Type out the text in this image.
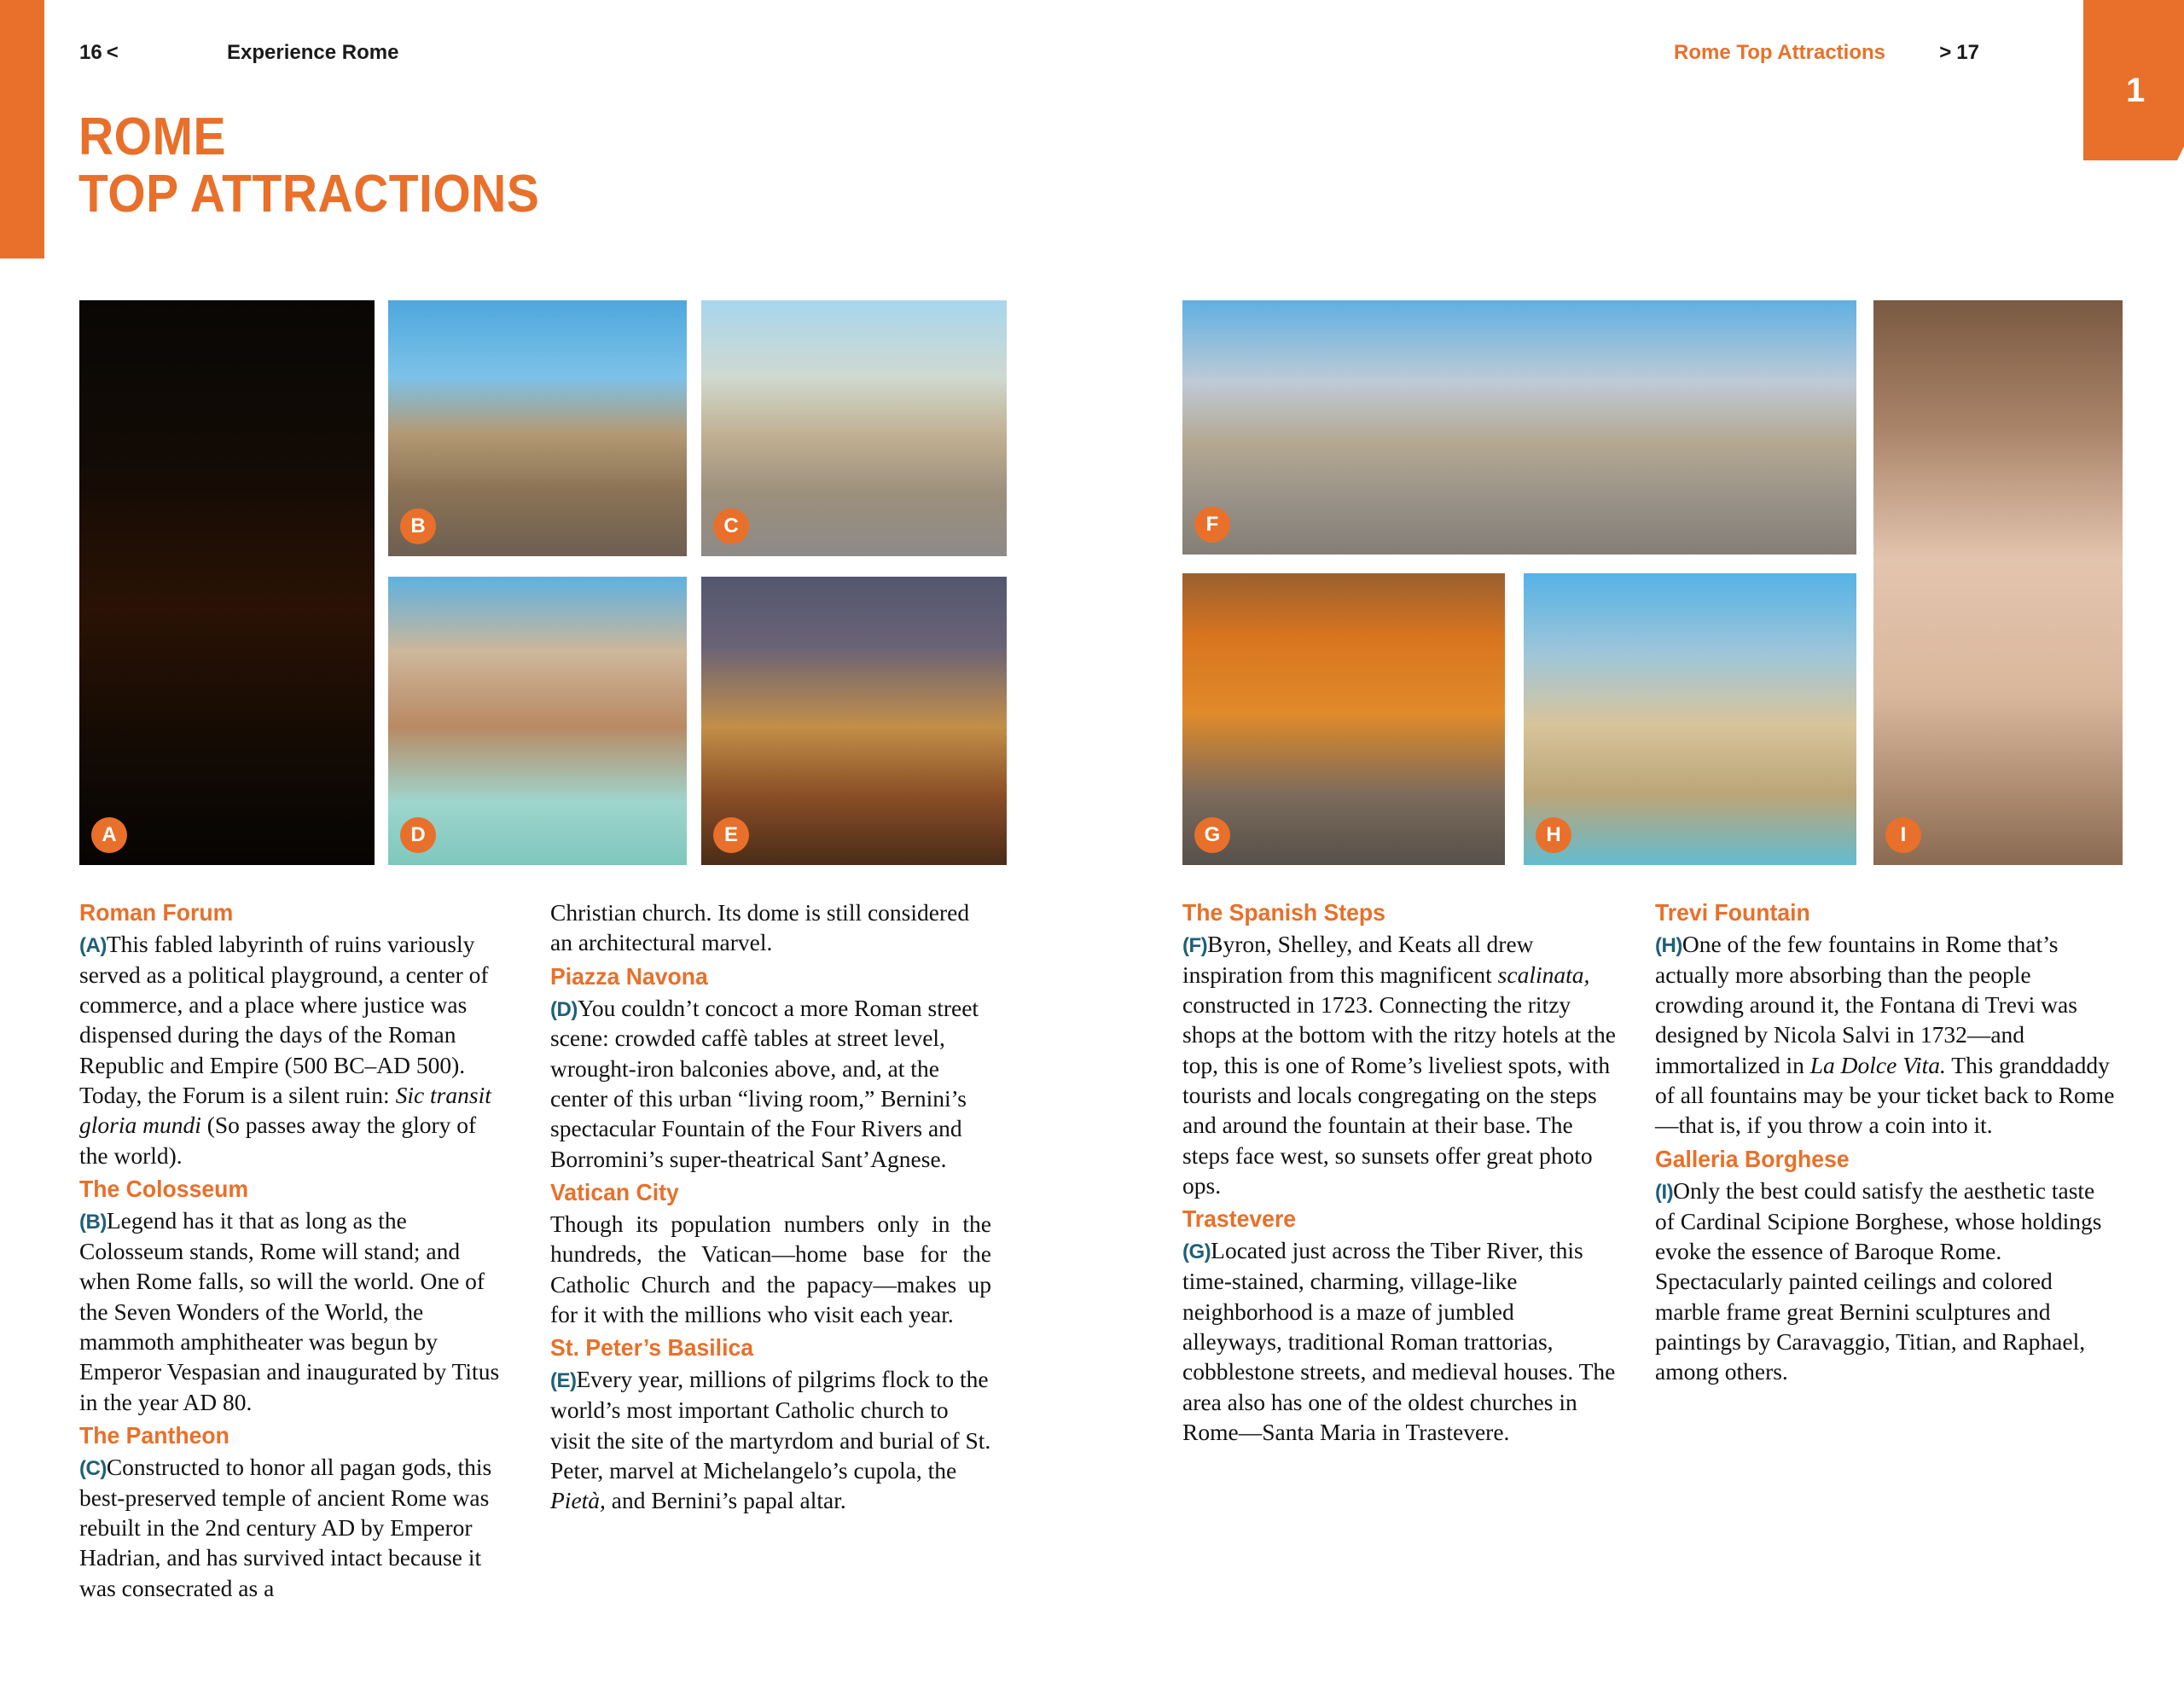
1
16 <	Experience Rome	Rome Top Attractions	> 17
ROME
TOP ATTRACTIONS
A
B	C
D	E
F
G	H	I
Roman Forum

(A)This fabled labyrinth of ruins variously served as a political playground, a center of commerce, and a place where justice was dispensed during the days of the Roman Republic and Empire (500 BC–AD 500). Today, the Forum is a silent ruin: Sic transit gloria mundi (So passes away the glory of the world).

The Colosseum

(B)Legend has it that as long as the Colosseum stands, Rome will stand; and when Rome falls, so will the world. One of the Seven Wonders of the World, the mammoth amphitheater was begun by Emperor Vespasian and inaugurated by Titus in the year AD 80.

The Pantheon

(C)Constructed to honor all pagan gods, this best-preserved temple of ancient Rome was rebuilt in the 2nd century AD by Emperor Hadrian, and has survived intact because it was consecrated as a

Christian church. Its dome is still considered an architectural marvel.

Piazza Navona

(D)You couldn’t concoct a more Roman street scene: crowded caffè tables at street level, wrought-iron balconies above, and, at the center of this urban “living room,” Bernini’s spectacular Fountain of the Four Rivers and Borromini’s super-theatrical Sant’Agnese.

Vatican City

Though its population numbers only in the hundreds, the Vatican—home base for the Catholic Church and the papacy—makes up for it with the millions who visit each year.

St. Peter’s Basilica

(E)Every year, millions of pilgrims flock to the world’s most important Catholic church to visit the site of the martyrdom and burial of St. Peter, marvel at Michelangelo’s cupola, the Pietà, and Bernini’s papal altar.

The Spanish Steps

(F)Byron, Shelley, and Keats all drew inspiration from this magnificent scalinata, constructed in 1723. Connecting the ritzy shops at the bottom with the ritzy hotels at the top, this is one of Rome’s liveliest spots, with tourists and locals congregating on the steps and around the fountain at their base. The steps face west, so sunsets offer great photo ops.

Trastevere

(G)Located just across the Tiber River, this time-stained, charming, village-like neighborhood is a maze of jumbled alleyways, traditional Roman trattorias, cobblestone streets, and medieval houses. The area also has one of the oldest churches in Rome—Santa Maria in Trastevere.

Trevi Fountain

(H)One of the few fountains in Rome that’s actually more absorbing than the people crowding around it, the Fontana di Trevi was designed by Nicola Salvi in 1732—and immortalized in La Dolce Vita. This granddaddy of all fountains may be your ticket back to Rome—that is, if you throw a coin into it.

Galleria Borghese

(I)Only the best could satisfy the aesthetic taste of Cardinal Scipione Borghese, whose holdings evoke the essence of Baroque Rome. Spectacularly painted ceilings and colored marble frame great Bernini sculptures and paintings by Caravaggio, Titian, and Raphael, among others.
